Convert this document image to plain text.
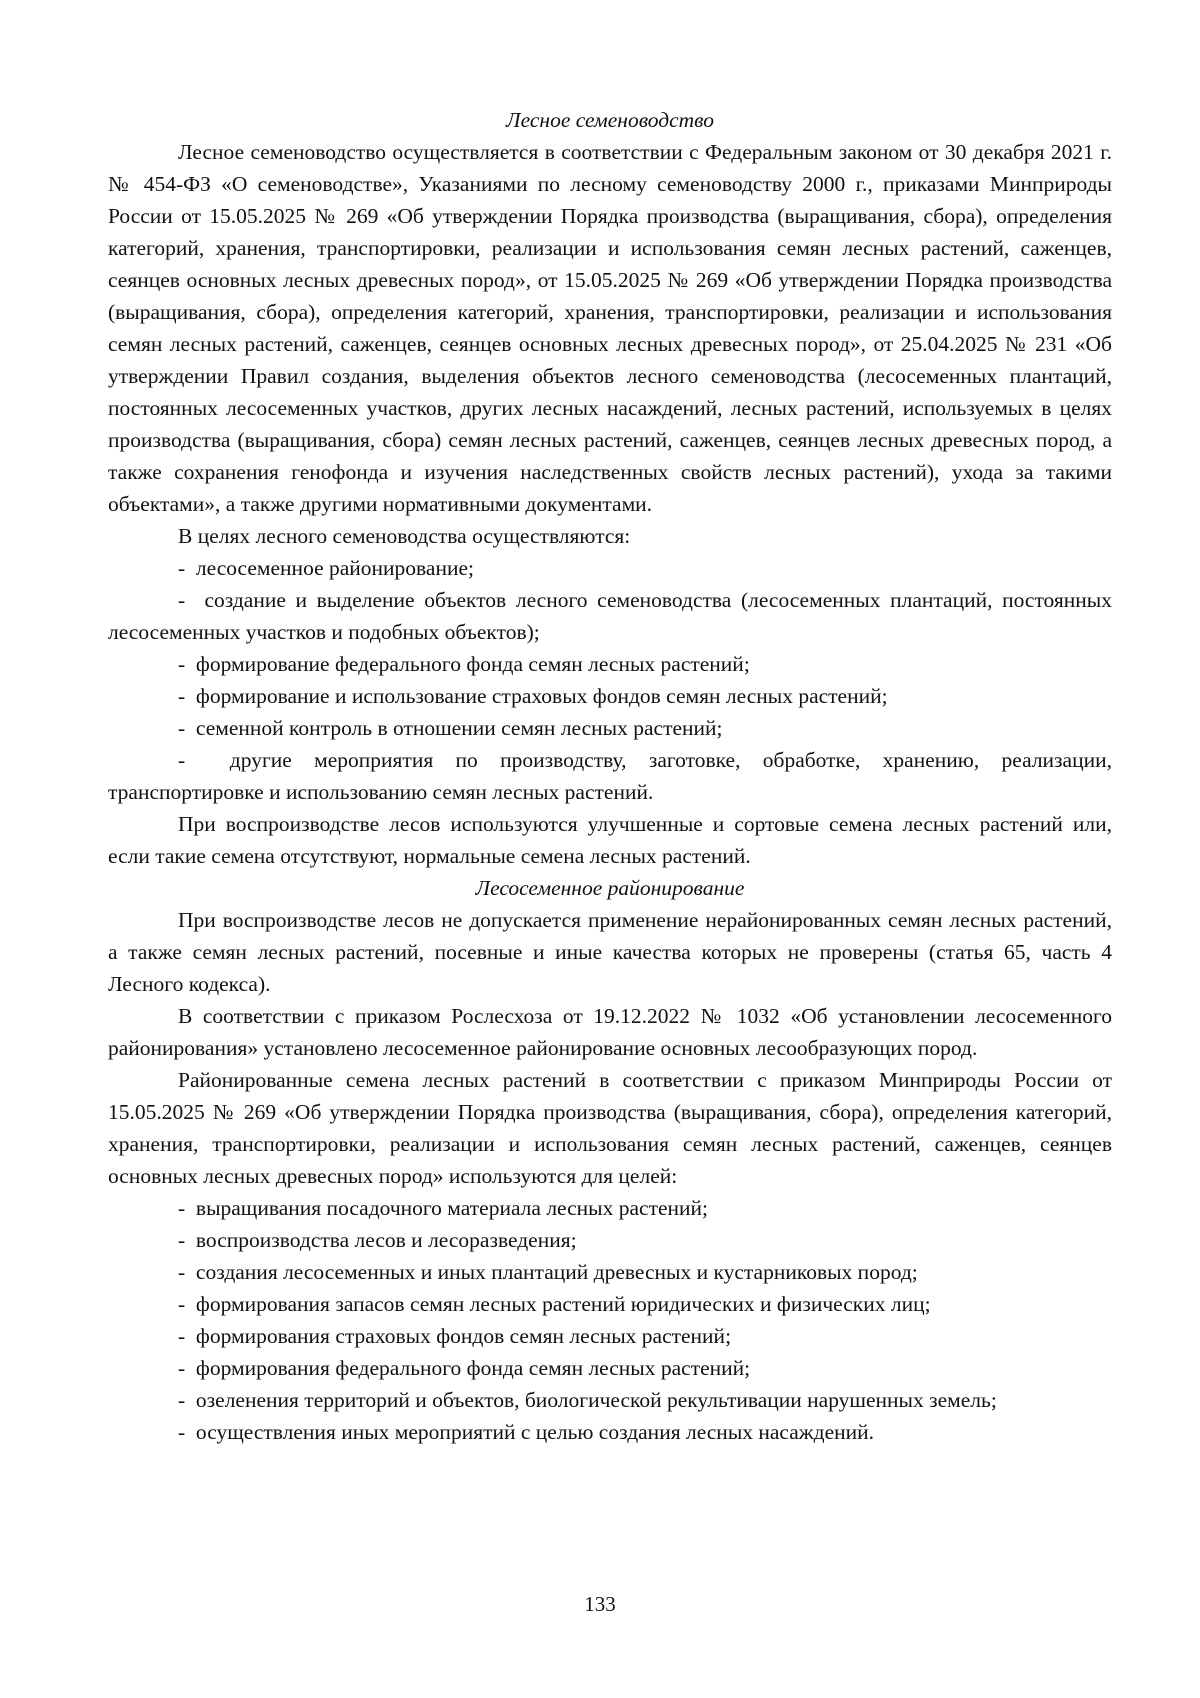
Лесное семеноводство

Лесное семеноводство осуществляется в соответствии с Федеральным законом от 30 декабря 2021 г. № 454-ФЗ «О семеноводстве», Указаниями по лесному семеноводству 2000 г., приказами Минприроды России от 15.05.2025 № 269 «Об утверждении Порядка производства (выращивания, сбора), определения категорий, хранения, транспортировки, реализации и использования семян лесных растений, саженцев, сеянцев основных лесных древесных пород», от 15.05.2025 № 269 «Об утверждении Порядка производства (выращивания, сбора), определения категорий, хранения, транспортировки, реализации и использования семян лесных растений, саженцев, сеянцев основных лесных древесных пород», от 25.04.2025 № 231 «Об утверждении Правил создания, выделения объектов лесного семеноводства (лесосеменных плантаций, постоянных лесосеменных участков, других лесных насаждений, лесных растений, используемых в целях производства (выращивания, сбора) семян лесных растений, саженцев, сеянцев лесных древесных пород, а также сохранения генофонда и изучения наследственных свойств лесных растений), ухода за такими объектами», а также другими нормативными документами.

В целях лесного семеноводства осуществляются:

-  лесосеменное районирование;
-  создание и выделение объектов лесного семеноводства (лесосеменных плантаций, постоянных лесосеменных участков и подобных объектов);
-  формирование федерального фонда семян лесных растений;
-  формирование и использование страховых фондов семян лесных растений;
-  семенной контроль в отношении семян лесных растений;
-  другие мероприятия по производству, заготовке, обработке, хранению, реализации, транспортировке и использованию семян лесных растений.

При воспроизводстве лесов используются улучшенные и сортовые семена лесных растений или, если такие семена отсутствуют, нормальные семена лесных растений.

Лесосеменное районирование

При воспроизводстве лесов не допускается применение нерайонированных семян лесных растений, а также семян лесных растений, посевные и иные качества которых не проверены (статья 65, часть 4 Лесного кодекса).

В соответствии с приказом Рослесхоза от 19.12.2022 № 1032 «Об установлении лесосеменного районирования» установлено лесосеменное районирование основных лесообразующих пород.

Районированные семена лесных растений в соответствии с приказом Минприроды России от 15.05.2025 № 269 «Об утверждении Порядка производства (выращивания, сбора), определения категорий, хранения, транспортировки, реализации и использования семян лесных растений, саженцев, сеянцев основных лесных древесных пород» используются для целей:

-  выращивания посадочного материала лесных растений;
-  воспроизводства лесов и лесоразведения;
-  создания лесосеменных и иных плантаций древесных и кустарниковых пород;
-  формирования запасов семян лесных растений юридических и физических лиц;
-  формирования страховых фондов семян лесных растений;
-  формирования федерального фонда семян лесных растений;
-  озеленения территорий и объектов, биологической рекультивации нарушенных земель;
-  осуществления иных мероприятий с целью создания лесных насаждений.
133
